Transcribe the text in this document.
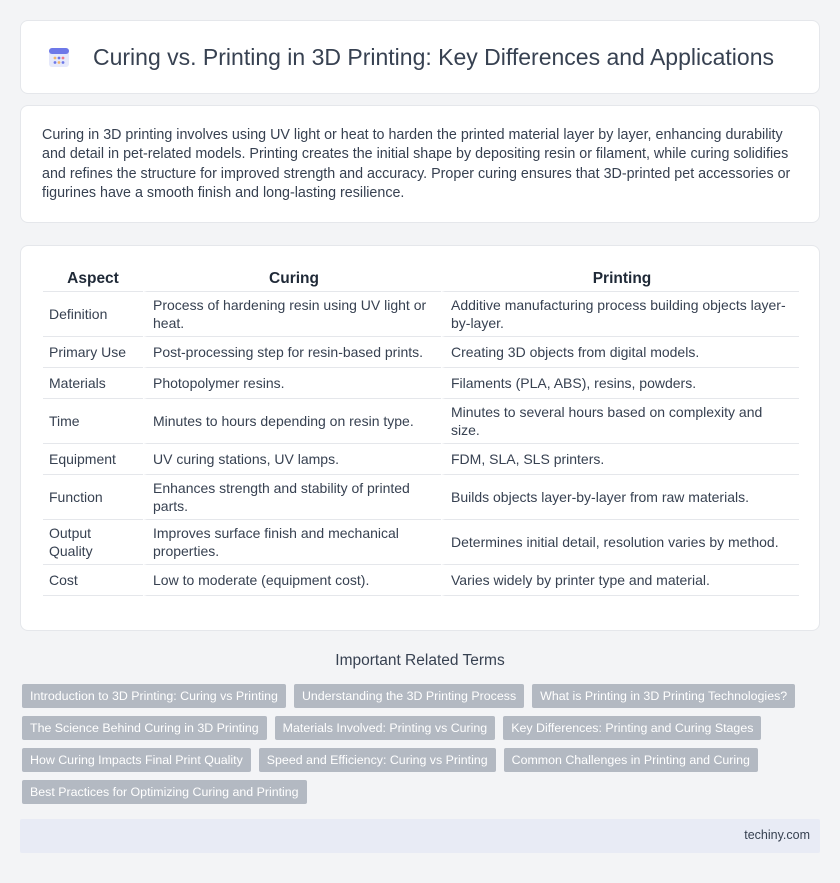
Curing vs. Printing in 3D Printing: Key Differences and Applications

Curing in 3D printing involves using UV light or heat to harden the printed material layer by layer, enhancing durability and detail in pet-related models. Printing creates the initial shape by depositing resin or filament, while curing solidifies and refines the structure for improved strength and accuracy. Proper curing ensures that 3D-printed pet accessories or figurines have a smooth finish and long-lasting resilience.

Aspect	Curing	Printing
Definition	Process of hardening resin using UV light or heat.	Additive manufacturing process building objects layer-by-layer.
Primary Use	Post-processing step for resin-based prints.	Creating 3D objects from digital models.
Materials	Photopolymer resins.	Filaments (PLA, ABS), resins, powders.
Time	Minutes to hours depending on resin type.	Minutes to several hours based on complexity and size.
Equipment	UV curing stations, UV lamps.	FDM, SLA, SLS printers.
Function	Enhances strength and stability of printed parts.	Builds objects layer-by-layer from raw materials.
Output Quality	Improves surface finish and mechanical properties.	Determines initial detail, resolution varies by method.
Cost	Low to moderate (equipment cost).	Varies widely by printer type and material.
Important Related Terms
Introduction to 3D Printing: Curing vs Printing	Understanding the 3D Printing Process	What is Printing in 3D Printing Technologies?
The Science Behind Curing in 3D Printing	Materials Involved: Printing vs Curing	Key Differences: Printing and Curing Stages
How Curing Impacts Final Print Quality	Speed and Efficiency: Curing vs Printing	Common Challenges in Printing and Curing
Best Practices for Optimizing Curing and Printing
techiny.com
